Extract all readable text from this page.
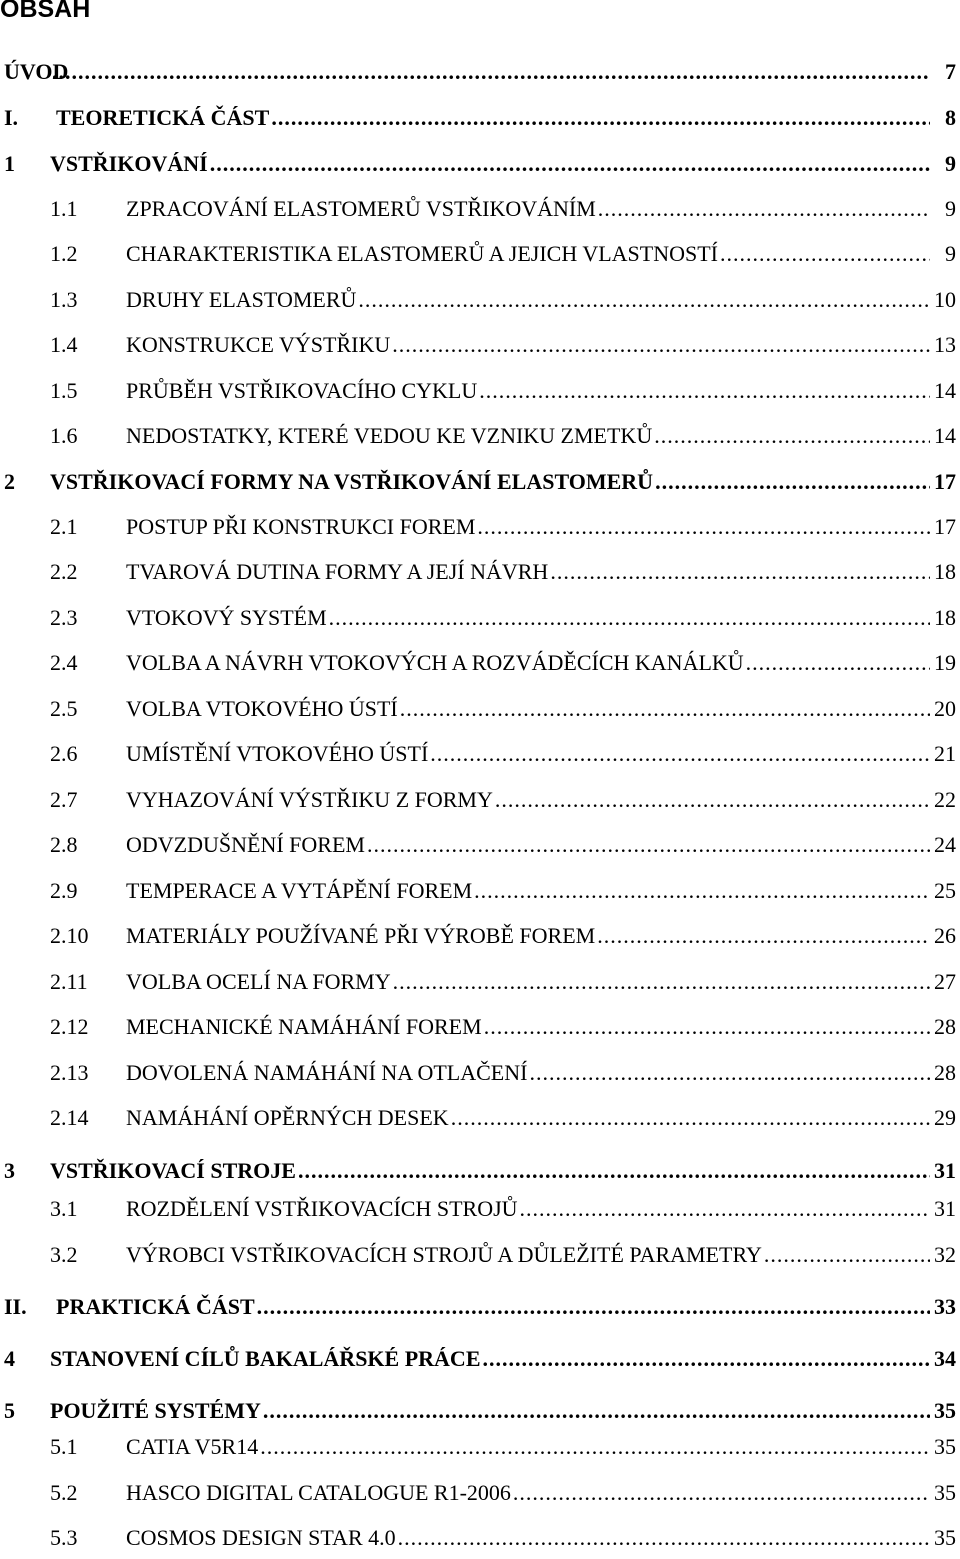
OBSAH
ÚVOD .....	7
I.	TEORETICKÁ ČÁST .....	8
1	VSTŘIKOVÁNÍ .....	9
1.1	ZPRACOVÁNÍ ELASTOMERŮ VSTŘIKOVÁNÍM .....	9
1.2	CHARAKTERISTIKA ELASTOMERŮ A JEJICH VLASTNOSTÍ .....	9
1.3	DRUHY ELASTOMERŮ .....	10
1.4	KONSTRUKCE VÝSTŘIKU .....	13
1.5	PRŮBĚH VSTŘIKOVACÍHO CYKLU .....	14
1.6	NEDOSTATKY, KTERÉ VEDOU KE VZNIKU ZMETKŮ .....	14
2	VSTŘIKOVACÍ FORMY NA VSTŘIKOVÁNÍ ELASTOMERŮ .....	17
2.1	POSTUP PŘI KONSTRUKCI FOREM .....	17
2.2	TVAROVÁ DUTINA FORMY A JEJÍ NÁVRH .....	18
2.3	VTOKOVÝ SYSTÉM .....	18
2.4	VOLBA A NÁVRH VTOKOVÝCH A ROZVÁDĚCÍCH KANÁLKŮ .....	19
2.5	VOLBA VTOKOVÉHO ÚSTÍ .....	20
2.6	UMÍSTĚNÍ VTOKOVÉHO ÚSTÍ .....	21
2.7	VYHAZOVÁNÍ VÝSTŘIKU Z FORMY .....	22
2.8	ODVZDUŠNĚNÍ FOREM .....	24
2.9	TEMPERACE A VYTÁPĚNÍ FOREM .....	25
2.10	MATERIÁLY POUŽÍVANÉ PŘI VÝROBĚ FOREM .....	26
2.11	VOLBA OCELÍ NA FORMY .....	27
2.12	MECHANICKÉ NAMÁHÁNÍ FOREM .....	28
2.13	DOVOLENÁ NAMÁHÁNÍ NA OTLAČENÍ .....	28
2.14	NAMÁHÁNÍ OPĚRNÝCH DESEK .....	29
3	VSTŘIKOVACÍ STROJE .....	31
3.1	ROZDĚLENÍ VSTŘIKOVACÍCH STROJŮ .....	31
3.2	VÝROBCI VSTŘIKOVACÍCH STROJŮ A DŮLEŽITÉ PARAMETRY .....	32
II.	PRAKTICKÁ ČÁST .....	33
4	STANOVENÍ CÍLŮ BAKALÁŘSKÉ PRÁCE .....	34
5	POUŽITÉ SYSTÉMY .....	35
5.1	CATIA V5R14 .....	35
5.2	HASCO DIGITAL CATALOGUE R1-2006 .....	35
5.3	COSMOS DESIGN STAR 4.0 .....	35
